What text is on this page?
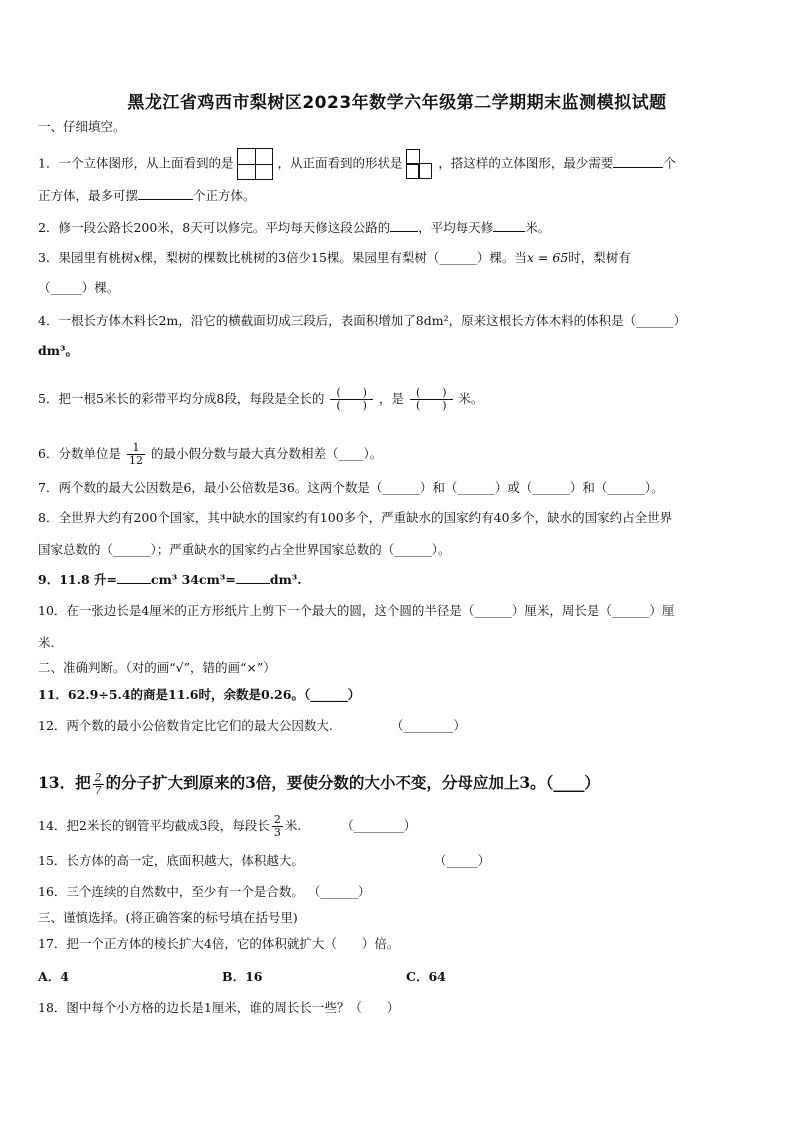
黑龙江省鸡西市梨树区2023年数学六年级第二学期期末监测模拟试题
一、仔细填空。
1．一个立体图形，从上面看到的是	，从正面看到的形状是	，搭这样的立体图形，最少需要	个
正方体，最多可摆	个正方体。
2．修一段公路长200米，8天可以修完。平均每天修这段公路的 ，平均每天修	米。
3．果园里有桃树x棵，梨树的棵数比桃树的3倍少15棵。果园里有梨树（______）棵。当x = 65时，梨树有
（_____）棵。
4．一根长方体木料长2m，沿它的横截面切成三段后，表面积增加了8dm²，原来这根长方体木料的体积是（______）
dm³。
5．把一根5米长的彩带平均分成8段，每段是全长的 $\frac{( )}{( )}$ ，是 $\frac{( )}{( )}$ 米。
6．分数单位是 $\frac{1}{12}$ 的最小假分数与最大真分数相差（____）。
7．两个数的最大公因数是6，最小公倍数是36。这两个数是（______）和（______）或（______）和（______）。
8．全世界大约有200个国家，其中缺水的国家约有100多个，严重缺水的国家约有40多个，缺水的国家约占全世界
国家总数的（______）；严重缺水的国家约占全世界国家总数的（______）。
9．11.8 升=	cm³ 34cm³=	dm³.
10．在一张边长是4厘米的正方形纸片上剪下一个最大的圆，这个圆的半径是（______）厘米，周长是（______）厘
米.
二、准确判断。（对的画“√”，错的画“×”）
11．62.9÷5.4的商是11.6时，余数是0.26。（______）
12．两个数的最小公倍数肯定比它们的最大公因数大.	（________）
13．把 $\frac{2}{7}$ 的分子扩大到原来的3倍，要使分数的大小不变，分母应加上3。（____）
14．把2米长的钢管平均截成3段，每段长 $\frac{2}{3}$ 米.	（________）
15．长方体的高一定，底面积越大，体积越大。	（_____）
16．三个连续的自然数中，至少有一个是合数。 （______）
三、谨慎选择。(将正确答案的标号填在括号里)
17．把一个正方体的棱长扩大4倍，它的体积就扩大（　　）倍。
A．4	B．16	C．64
18．图中每个小方格的边长是1厘米，谁的周长长一些？（　　）
